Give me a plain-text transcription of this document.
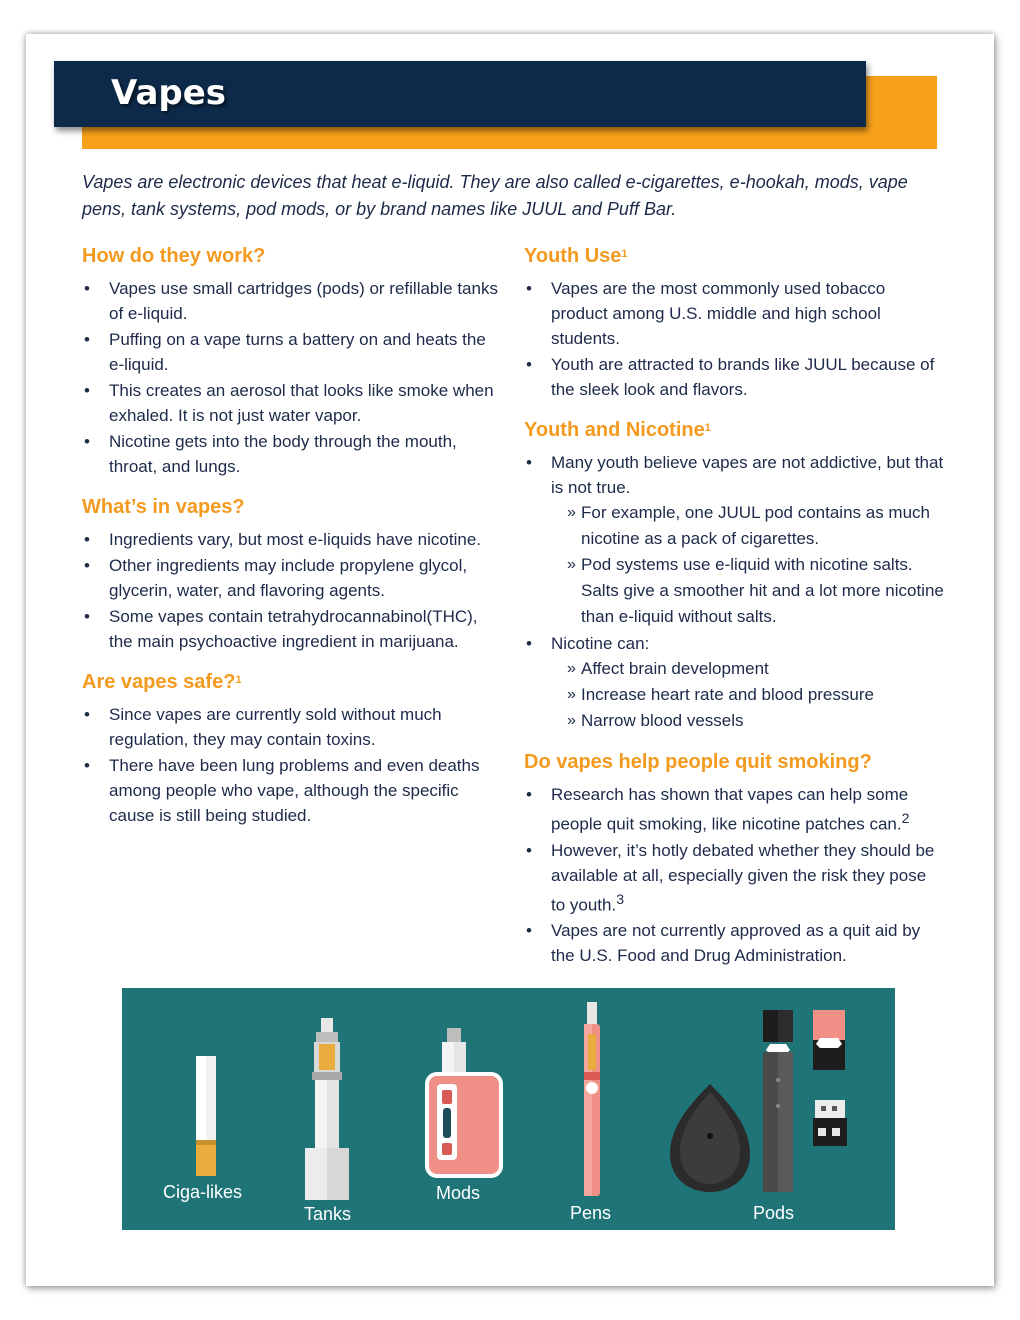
Vapes

Vapes are electronic devices that heat e-liquid. They are also called e-cigarettes, e-hookah, mods, vape pens, tank systems, pod mods, or by brand names like JUUL and Puff Bar.

How do they work?
• Vapes use small cartridges (pods) or refillable tanks of e-liquid.
• Puffing on a vape turns a battery on and heats the e-liquid.
• This creates an aerosol that looks like smoke when exhaled. It is not just water vapor.
• Nicotine gets into the body through the mouth, throat, and lungs.
What’s in vapes?
• Ingredients vary, but most e-liquids have nicotine.
• Other ingredients may include propylene glycol, glycerin, water, and flavoring agents.
• Some vapes contain tetrahydrocannabinol(THC), the main psychoactive ingredient in marijuana.
Are vapes safe?$^1$
• Since vapes are currently sold without much regulation, they may contain toxins.
• There have been lung problems and even deaths among people who vape, although the specific cause is still being studied.
Youth Use$^1$
• Vapes are the most commonly used tobacco product among U.S. middle and high school students.
• Youth are attracted to brands like JUUL because of the sleek look and flavors.
Youth and Nicotine$^1$
• Many youth believe vapes are not addictive, but that is not true.
» For example, one JUUL pod contains as much nicotine as a pack of cigarettes.
» Pod systems use e-liquid with nicotine salts. Salts give a smoother hit and a lot more nicotine than e-liquid without salts.
• Nicotine can:
» Affect brain development
» Increase heart rate and blood pressure
» Narrow blood vessels
Do vapes help people quit smoking?
• Research has shown that vapes can help some people quit smoking, like nicotine patches can.$^2$
• However, it’s hotly debated whether they should be available at all, especially given the risk they pose to youth.$^3$
• Vapes are not currently approved as a quit aid by the U.S. Food and Drug Administration.
Ciga-likes
Tanks
Mods
Pens	Pods
